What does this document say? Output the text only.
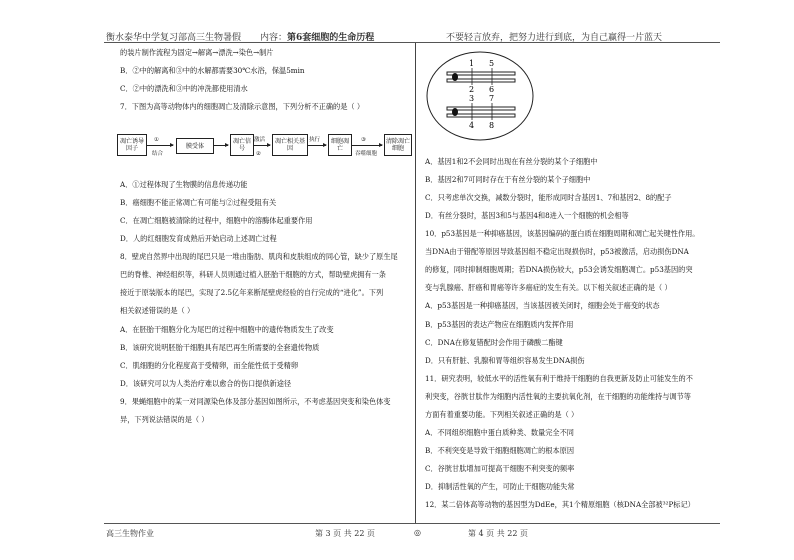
衡水泰华中学复习部高三生物暑假 内容：第6套细胞的生命历程	不要轻言放弃，把努力进行到底，为自己赢得一片蓝天
的装片制作流程为固定→解离→漂洗→染色→制片
B．②中的解离和③中的水解都需要30℃水浴，保温5min
C．②中的漂洗和③中的冲洗都使用清水
7．下图为高等动物体内的细胞凋亡及清除示意图，下列分析不正确的是（ ）
凋亡诱导因子
①
结合
膜受体
凋亡信号
②
激活	凋亡相关基因
执行	细胞凋亡
③
吞噬细胞
清除凋亡细胞
A．①过程体现了生物膜的信息传递功能
B．癌细胞不能正常凋亡有可能与②过程受阻有关
C．在凋亡细胞被清除的过程中，细胞中的溶酶体起重要作用
D．人的红细胞发育成熟后开始启动上述凋亡过程
8．壁虎自然界中出现的尾巴只是一堆由脂肪、肌肉和皮肤组成的同心管，缺少了原生尾
巴的脊椎、神经组织等，科研人员则通过植入胚胎干细胞的方式，帮助壁虎拥有一条
接近于原装版本的尾巴，实现了2.5亿年来断尾壁虎经验的自行完成的“进化”。下列
相关叙述错误的是（ ）
A．在胚胎干细胞分化为尾巴的过程中细胞中的遗传物质发生了改变
B．该研究说明胚胎干细胞具有尾巴再生所需要的全套遗传物质
C．肌细胞的分化程度高于受精卵，而全能性低于受精卵
D．该研究可以为人类治疗难以愈合的伤口提供新途径
9．果蝇细胞中的某一对同源染色体及部分基因如图所示，不考虑基因突变和染色体变
异，下列说法错误的是（ ）
1 5
2 6
3 7
4 8
A．基因1和2不会同时出现在有丝分裂的某个子细胞中
B．基因2和7可同时存在于有丝分裂的某个子细胞中
C．只考虑单次交换，减数分裂时，能形成同时含基因1、7和基因2、8的配子
D．有丝分裂时，基因3和5与基因4和8进入一个细胞的机会相等
10．p53基因是一种抑癌基因，该基因编码的蛋白质在细胞周期和凋亡起关键性作用。
当DNA由于错配等原因导致基因组不稳定出现损伤时，p53被激活，启动损伤DNA
的修复，同时抑制细胞周期；若DNA损伤较大，p53会诱发细胞凋亡。p53基因的突
变与乳腺癌、肝癌和胃癌等许多癌症的发生有关。以下相关叙述正确的是（ ）
A．p53基因是一种抑癌基因，当该基因被关闭时，细胞会处于癌变的状态
B．p53基因的表达产物应在细胞质内发挥作用
C．DNA在修复错配时会作用于磷酸二酯键
D．只有肝脏、乳腺和胃等组织容易发生DNA损伤
11．研究表明，较低水平的活性氧有利于维持干细胞的自我更新及防止可能发生的不
利突变，谷胱甘肽作为细胞内活性氧的主要抗氧化剂，在干细胞的功能维持与调节等
方面有着重要功能。下列相关叙述正确的是（ ）
A．不同组织细胞中蛋白质种类、数量完全不同
B．不利突变是导致干细胞细胞凋亡的根本原因
C．谷胱甘肽增加可提高干细胞不利突变的频率
D．抑制活性氧的产生，可防止干细胞功能失常
12．某二倍体高等动物的基因型为DdEe，其1个精原细胞（核DNA全部被³²P标记）
高三生物作业	第 3 页 共 22 页	◎	第 4 页 共 22 页
